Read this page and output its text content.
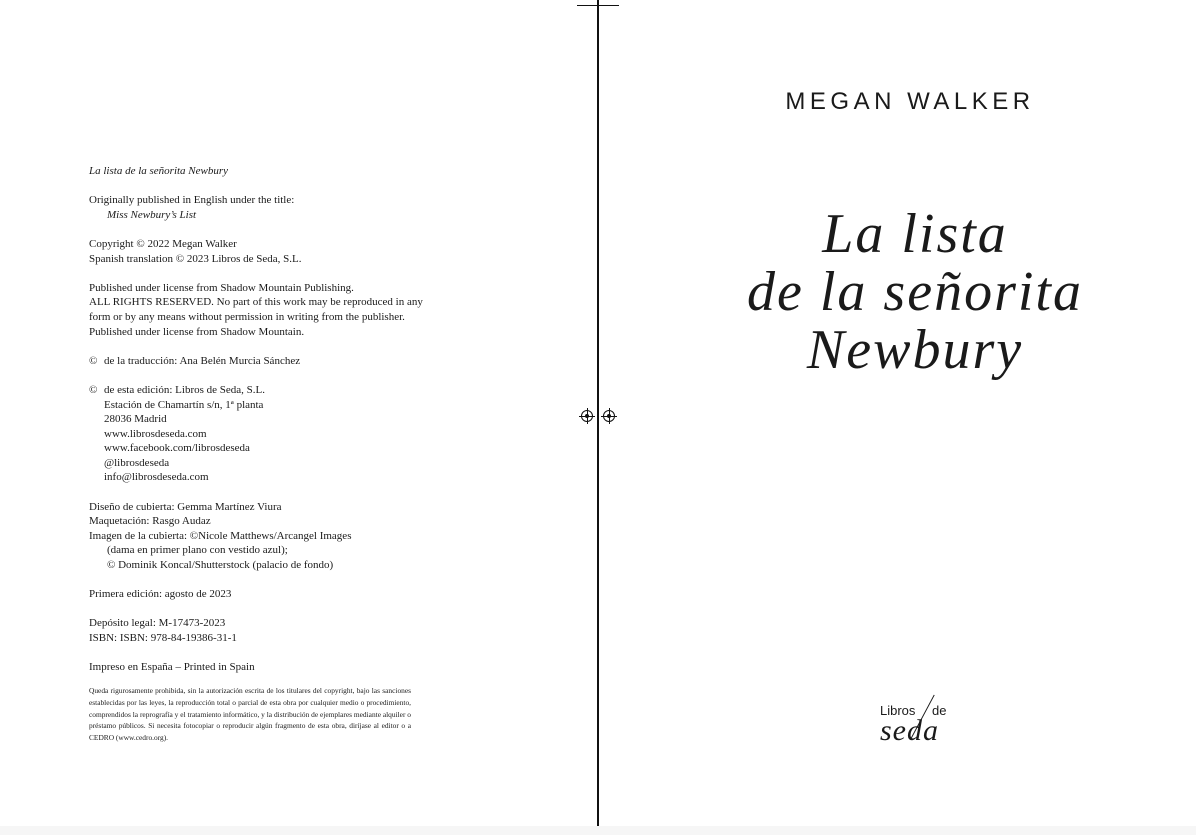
La lista de la señorita Newbury
Originally published in English under the title:
Miss Newbury’s List
Copyright © 2022 Megan Walker
Spanish translation © 2023 Libros de Seda, S.L.
Published under license from Shadow Mountain Publishing.
ALL RIGHTS RESERVED. No part of this work may be reproduced in any
form or by any means without permission in writing from the publisher.
Published under license from Shadow Mountain.
© de la traducción: Ana Belén Murcia Sánchez
© de esta edición: Libros de Seda, S.L.
Estación de Chamartín s/n, 1ª planta
28036 Madrid
www.librosdeseda.com
www.facebook.com/librosdeseda
@librosdeseda
info@librosdeseda.com
Diseño de cubierta: Gemma Martínez Viura
Maquetación: Rasgo Audaz
Imagen de la cubierta: ©Nicole Matthews/Arcangel Images
(dama en primer plano con vestido azul);
© Dominik Koncal/Shutterstock (palacio de fondo)
Primera edición: agosto de 2023
Depósito legal: M-17473-2023
ISBN: ISBN: 978-84-19386-31-1
Impreso en España – Printed in Spain
Queda rigurosamente prohibida, sin la autorización escrita de los titulares del copyright, bajo las sanciones establecidas por las leyes, la reproducción total o parcial de esta obra por cualquier medio o procedimiento, comprendidos la reprografía y el tratamiento informático, y la distribución de ejemplares mediante alquiler o préstamo públicos. Si necesita fotocopiar o reproducir algún fragmento de esta obra, diríjase al editor o a CEDRO (www.cedro.org).
MEGAN WALKER
La lista
de la señorita
Newbury
Libros de
seda
